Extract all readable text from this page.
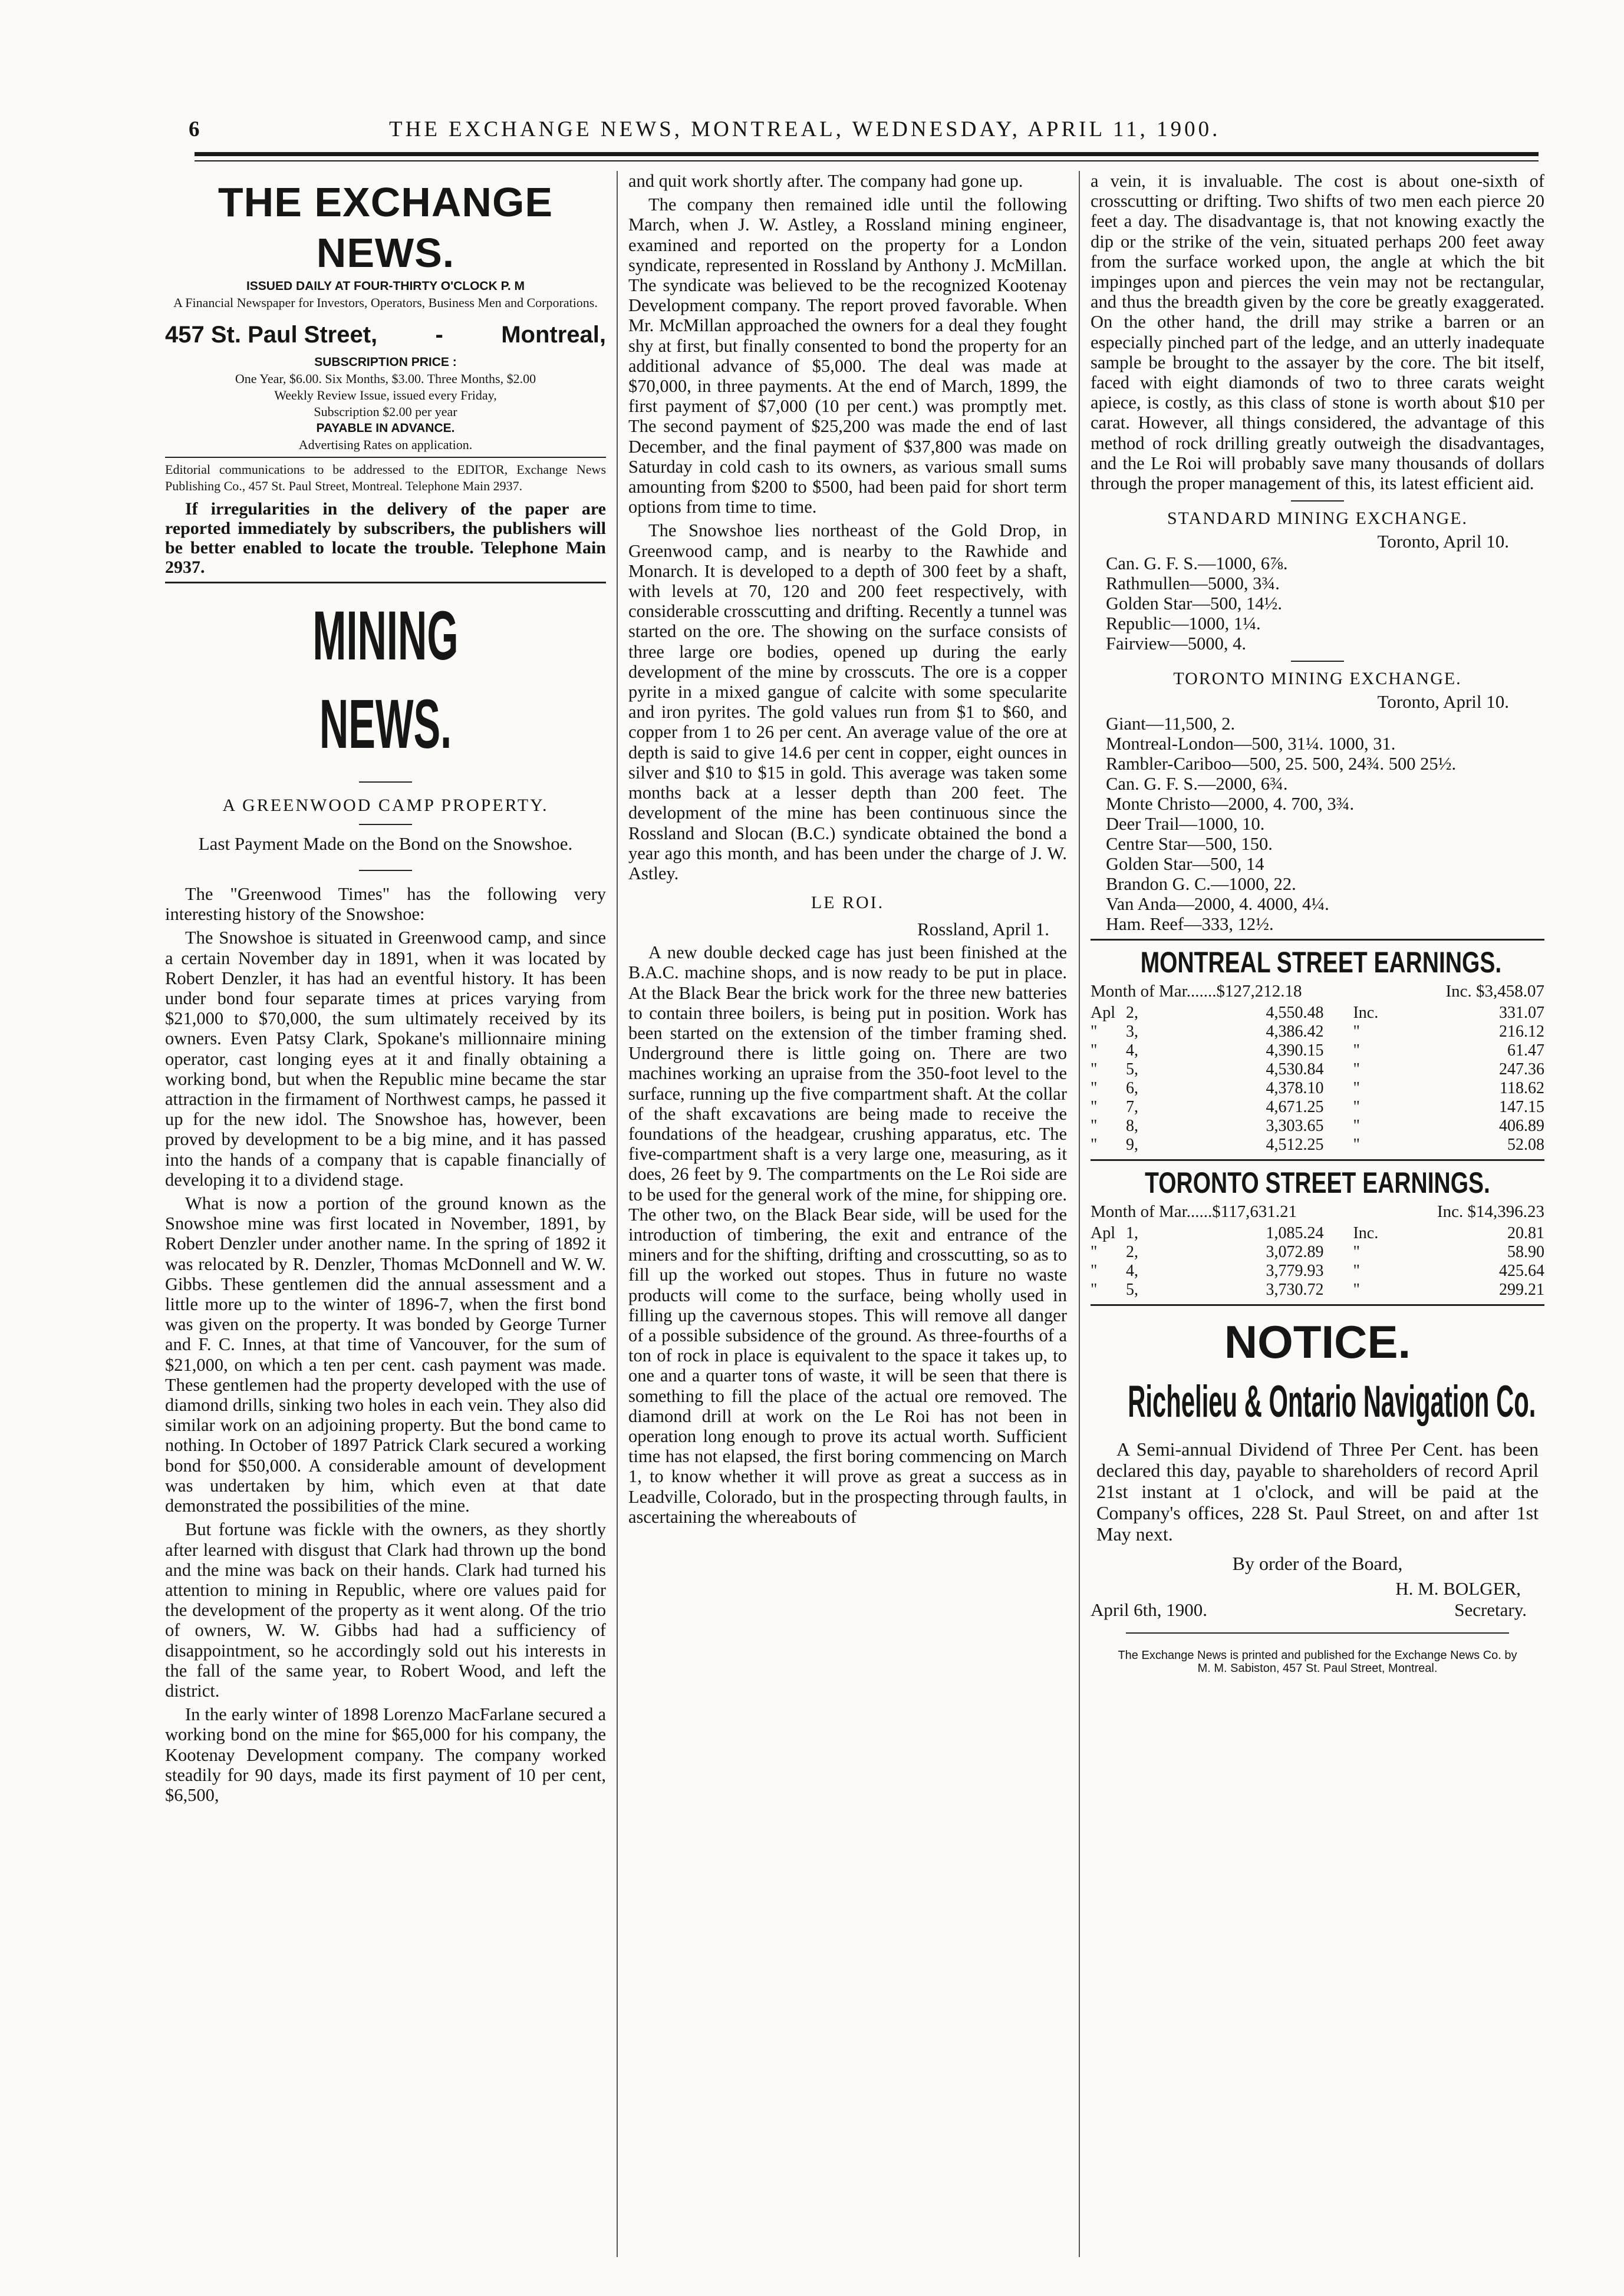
6	THE EXCHANGE NEWS, MONTREAL, WEDNESDAY, APRIL 11, 1900.
THE EXCHANGE NEWS.

ISSUED DAILY AT FOUR-THIRTY O'CLOCK P. M

A Financial Newspaper for Investors, Operators, Business Men and Corporations.

457 St. Paul Street, - Montreal,

SUBSCRIPTION PRICE :

One Year, $6.00. Six Months, $3.00. Three Months, $2.00

Weekly Review Issue, issued every Friday,

Subscription $2.00 per year

PAYABLE IN ADVANCE.

Advertising Rates on application.

Editorial communications to be addressed to the EDITOR, Exchange News Publishing Co., 457 St. Paul Street, Montreal. Telephone Main 2937.

If irregularities in the delivery of the paper are reported immediately by subscribers, the publishers will be better enabled to locate the trouble. Telephone Main 2937.

MINING NEWS.
A GREENWOOD CAMP PROPERTY.
Last Payment Made on the Bond on the Snowshoe.

The "Greenwood Times" has the following very interesting history of the Snowshoe:

The Snowshoe is situated in Greenwood camp, and since a certain November day in 1891, when it was located by Robert Denzler, it has had an eventful history. It has been under bond four separate times at prices varying from $21,000 to $70,000, the sum ultimately received by its owners. Even Patsy Clark, Spokane's millionnaire mining operator, cast longing eyes at it and finally obtaining a working bond, but when the Republic mine became the star attraction in the firmament of Northwest camps, he passed it up for the new idol. The Snowshoe has, however, been proved by development to be a big mine, and it has passed into the hands of a company that is capable financially of developing it to a dividend stage.

What is now a portion of the ground known as the Snowshoe mine was first located in November, 1891, by Robert Denzler under another name. In the spring of 1892 it was relocated by R. Denzler, Thomas McDonnell and W. W. Gibbs. These gentlemen did the annual assessment and a little more up to the winter of 1896-7, when the first bond was given on the property. It was bonded by George Turner and F. C. Innes, at that time of Vancouver, for the sum of $21,000, on which a ten per cent. cash payment was made. These gentlemen had the property developed with the use of diamond drills, sinking two holes in each vein. They also did similar work on an adjoining property. But the bond came to nothing. In October of 1897 Patrick Clark secured a working bond for $50,000. A considerable amount of development was undertaken by him, which even at that date demonstrated the possibilities of the mine.

But fortune was fickle with the owners, as they shortly after learned with disgust that Clark had thrown up the bond and the mine was back on their hands. Clark had turned his attention to mining in Republic, where ore values paid for the development of the property as it went along. Of the trio of owners, W. W. Gibbs had had a sufficiency of disappointment, so he accordingly sold out his interests in the fall of the same year, to Robert Wood, and left the district.

In the early winter of 1898 Lorenzo MacFarlane secured a working bond on the mine for $65,000 for his company, the Kootenay Development company. The company worked steadily for 90 days, made its first payment of 10 per cent, $6,500,

and quit work shortly after. The company had gone up.

The company then remained idle until the following March, when J. W. Astley, a Rossland mining engineer, examined and reported on the property for a London syndicate, represented in Rossland by Anthony J. McMillan. The syndicate was believed to be the recognized Kootenay Development company. The report proved favorable. When Mr. McMillan approached the owners for a deal they fought shy at first, but finally consented to bond the property for an additional advance of $5,000. The deal was made at $70,000, in three payments. At the end of March, 1899, the first payment of $7,000 (10 per cent.) was promptly met. The second payment of $25,200 was made the end of last December, and the final payment of $37,800 was made on Saturday in cold cash to its owners, as various small sums amounting from $200 to $500, had been paid for short term options from time to time.

The Snowshoe lies northeast of the Gold Drop, in Greenwood camp, and is nearby to the Rawhide and Monarch. It is developed to a depth of 300 feet by a shaft, with levels at 70, 120 and 200 feet respectively, with considerable crosscutting and drifting. Recently a tunnel was started on the ore. The showing on the surface consists of three large ore bodies, opened up during the early development of the mine by crosscuts. The ore is a copper pyrite in a mixed gangue of calcite with some specularite and iron pyrites. The gold values run from $1 to $60, and copper from 1 to 26 per cent. An average value of the ore at depth is said to give 14.6 per cent in copper, eight ounces in silver and $10 to $15 in gold. This average was taken some months back at a lesser depth than 200 feet. The development of the mine has been continuous since the Rossland and Slocan (B.C.) syndicate obtained the bond a year ago this month, and has been under the charge of J. W. Astley.

LE ROI.
Rossland, April 1.

A new double decked cage has just been finished at the B.A.C. machine shops, and is now ready to be put in place. At the Black Bear the brick work for the three new batteries to contain three boilers, is being put in position. Work has been started on the extension of the timber framing shed. Underground there is little going on. There are two machines working an upraise from the 350-foot level to the surface, running up the five compartment shaft. At the collar of the shaft excavations are being made to receive the foundations of the headgear, crushing apparatus, etc. The five-compartment shaft is a very large one, measuring, as it does, 26 feet by 9. The compartments on the Le Roi side are to be used for the general work of the mine, for shipping ore. The other two, on the Black Bear side, will be used for the introduction of timbering, the exit and entrance of the miners and for the shifting, drifting and crosscutting, so as to fill up the worked out stopes. Thus in future no waste products will come to the surface, being wholly used in filling up the cavernous stopes. This will remove all danger of a possible subsidence of the ground. As three-fourths of a ton of rock in place is equivalent to the space it takes up, to one and a quarter tons of waste, it will be seen that there is something to fill the place of the actual ore removed. The diamond drill at work on the Le Roi has not been in operation long enough to prove its actual worth. Sufficient time has not elapsed, the first boring commencing on March 1, to know whether it will prove as great a success as in Leadville, Colorado, but in the prospecting through faults, in ascertaining the whereabouts of

a vein, it is invaluable. The cost is about one-sixth of crosscutting or drifting. Two shifts of two men each pierce 20 feet a day. The disadvantage is, that not knowing exactly the dip or the strike of the vein, situated perhaps 200 feet away from the surface worked upon, the angle at which the bit impinges upon and pierces the vein may not be rectangular, and thus the breadth given by the core be greatly exaggerated. On the other hand, the drill may strike a barren or an especially pinched part of the ledge, and an utterly inadequate sample be brought to the assayer by the core. The bit itself, faced with eight diamonds of two to three carats weight apiece, is costly, as this class of stone is worth about $10 per carat. However, all things considered, the advantage of this method of rock drilling greatly outweigh the disadvantages, and the Le Roi will probably save many thousands of dollars through the proper management of this, its latest efficient aid.

STANDARD MINING EXCHANGE.
Toronto, April 10.

Can. G. F. S.—1000, 6⅞.

Rathmullen—5000, 3¾.

Golden Star—500, 14½.

Republic—1000, 1¼.

Fairview—5000, 4.

TORONTO MINING EXCHANGE.
Toronto, April 10.

Giant—11,500, 2.

Montreal-London—500, 31¼. 1000, 31.

Rambler-Cariboo—500, 25. 500, 24¾. 500 25½.

Can. G. F. S.—2000, 6¾.

Monte Christo—2000, 4. 700, 3¾.

Deer Trail—1000, 10.

Centre Star—500, 150.

Golden Star—500, 14

Brandon G. C.—1000, 22.

Van Anda—2000, 4. 4000, 4¼.

Ham. Reef—333, 12½.

MONTREAL STREET EARNINGS.
Month of Mar.......$127,212.18	Inc. $3,458.07
Apl	2,	4,550.48	Inc.	331.07
"	3,	4,386.42	"	216.12
"	4,	4,390.15	"	61.47
"	5,	4,530.84	"	247.36
"	6,	4,378.10	"	118.62
"	7,	4,671.25	"	147.15
"	8,	3,303.65	"	406.89
"	9,	4,512.25	"	52.08
TORONTO STREET EARNINGS.
Month of Mar......$117,631.21	Inc. $14,396.23
Apl	1,	1,085.24	Inc.	20.81
"	2,	3,072.89	"	58.90
"	4,	3,779.93	"	425.64
"	5,	3,730.72	"	299.21
NOTICE.
Richelieu & Ontario Navigation Co.

A Semi-annual Dividend of Three Per Cent. has been declared this day, payable to shareholders of record April 21st instant at 1 o'clock, and will be paid at the Company's offices, 228 St. Paul Street, on and after 1st May next.

By order of the Board,
H. M. BOLGER,
April 6th, 1900.	Secretary.
The Exchange News is printed and published for the Exchange News Co. by M. M. Sabiston, 457 St. Paul Street, Montreal.
